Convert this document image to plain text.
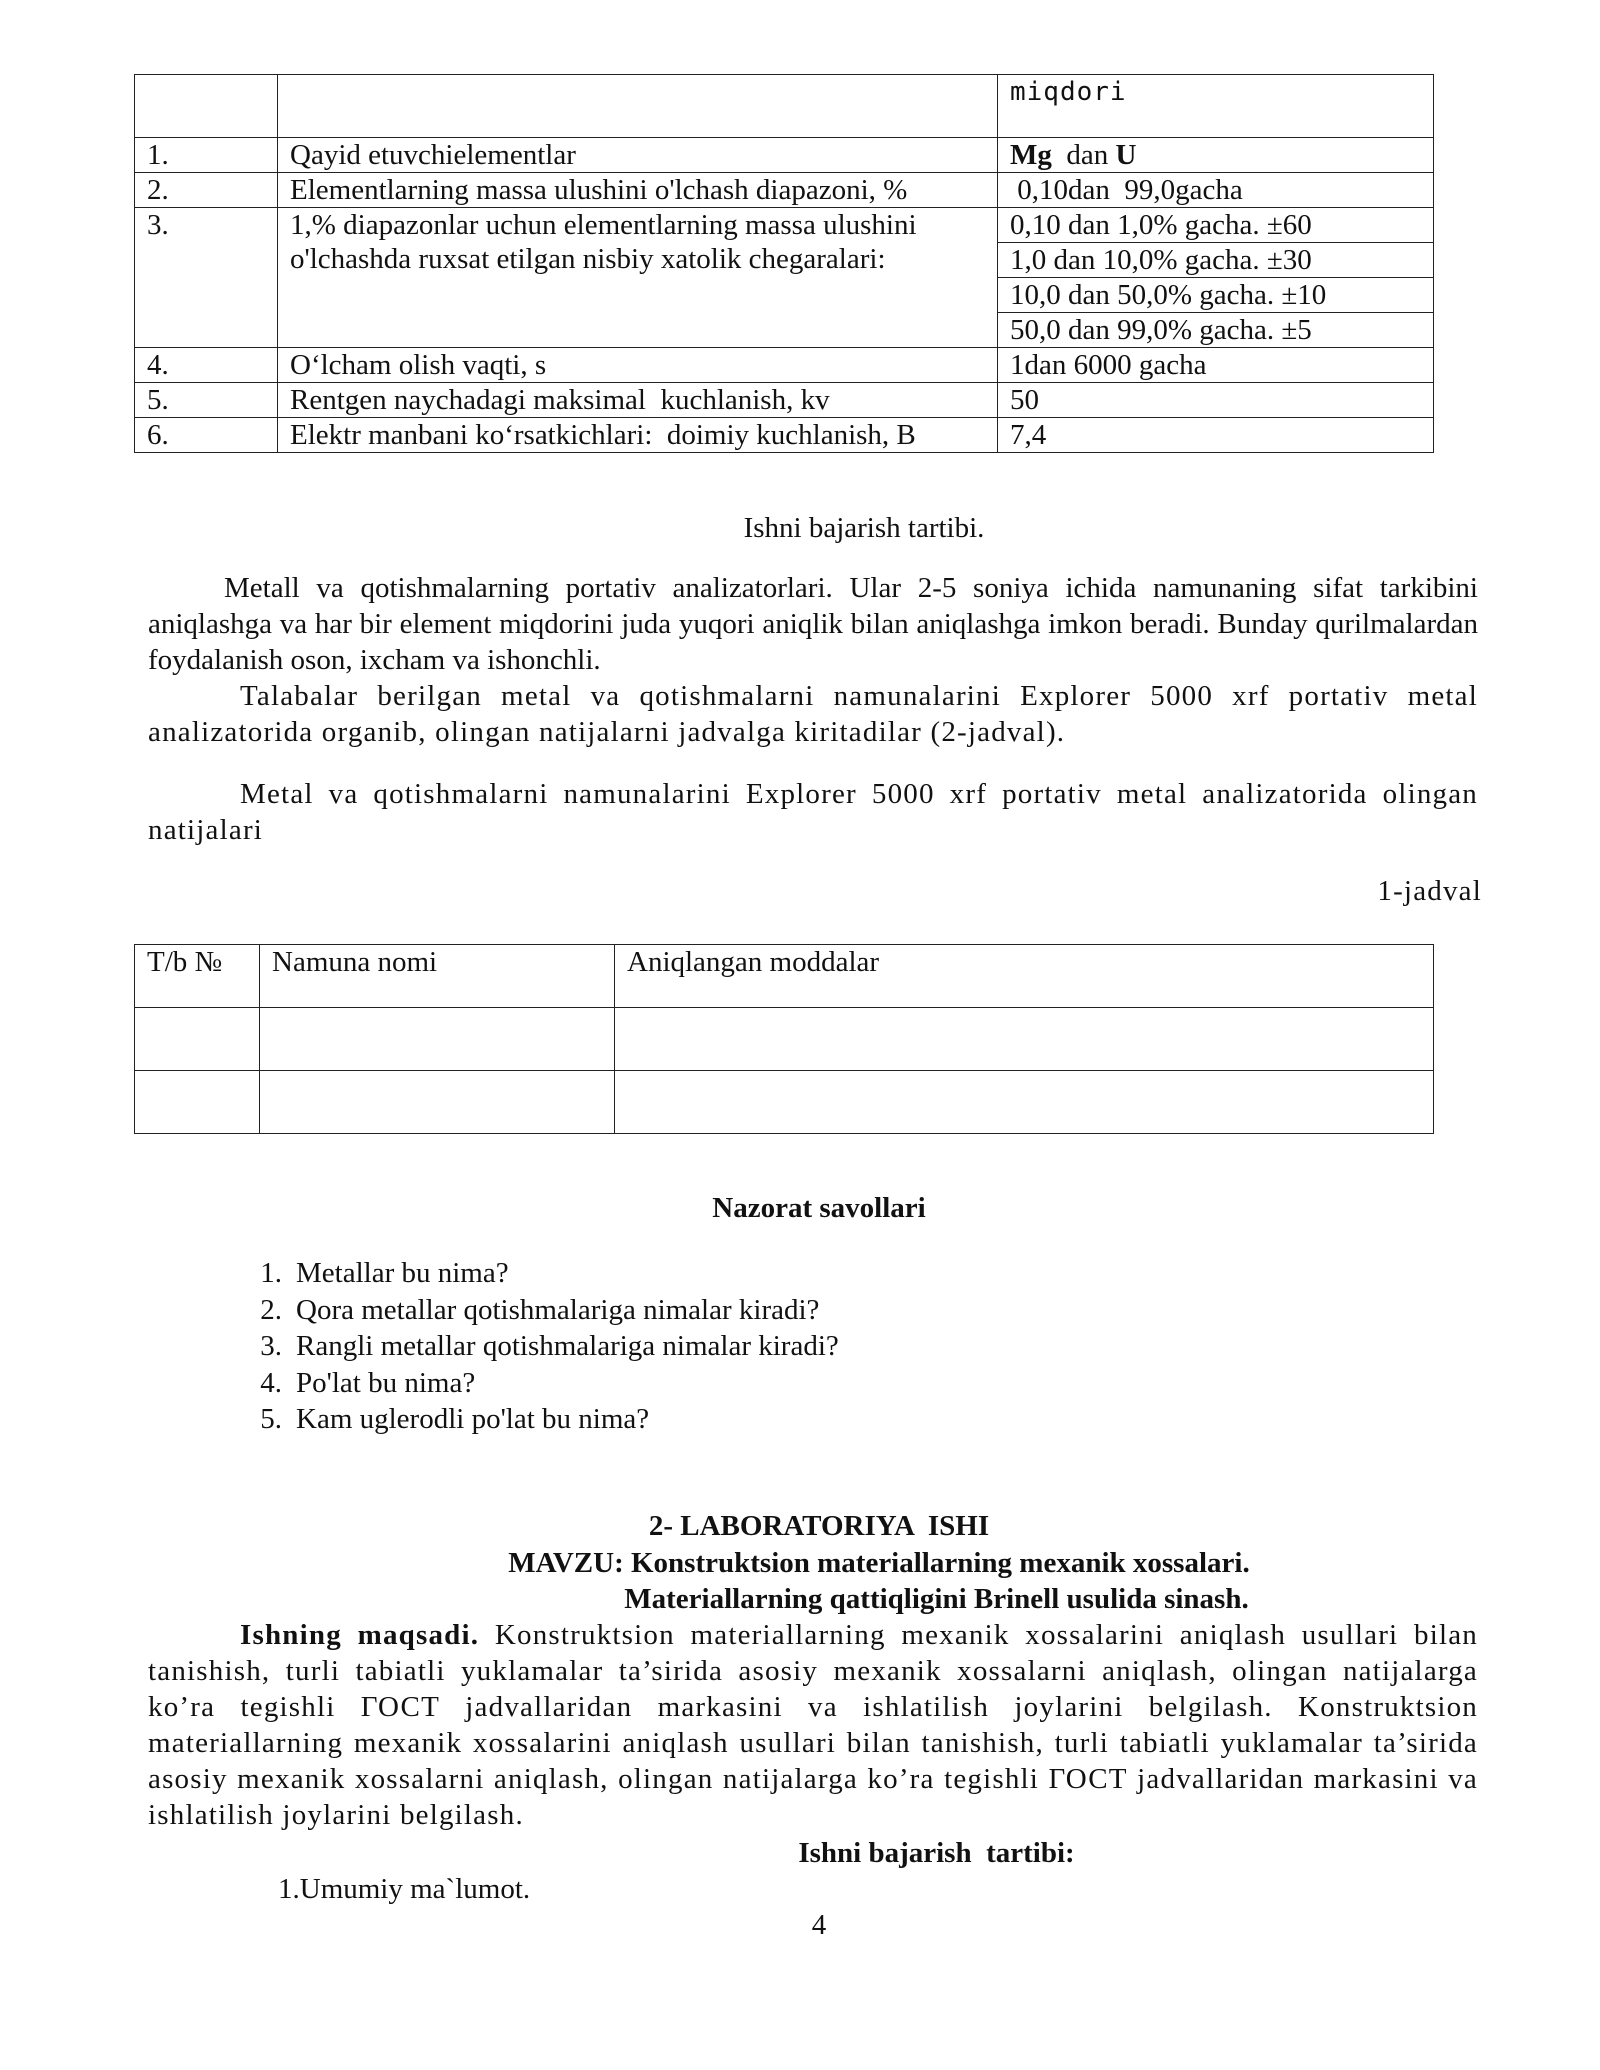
		miqdori
1.	Qayid etuvchielementlar	Mg  dan U
2.	Elementlarning massa ulushini o'lchash diapazoni, %	0,10dan  99,0gacha
3.	1,% diapazonlar uchun elementlarning massa ulushini o'lchashda ruxsat etilgan nisbiy xatolik chegaralari:	0,10 dan 1,0% gacha. ±60
		1,0 dan 10,0% gacha. ±30
		10,0 dan 50,0% gacha. ±10
		50,0 dan 99,0% gacha. ±5
4.	Oʻlcham olish vaqti, s	1dan 6000 gacha
5.	Rentgen naychadagi maksimal  kuchlanish, kv	50
6.	Elektr manbani koʻrsatkichlari:  doimiy kuchlanish, B	7,4
Ishni bajarish tartibi.
Metall va qotishmalarning portativ analizatorlari. Ular 2-5 soniya ichida namunaning sifat tarkibini aniqlashga va har bir element miqdorini juda yuqori aniqlik bilan aniqlashga imkon beradi. Bunday qurilmalardan foydalanish oson, ixcham va ishonchli.
Talabalar berilgan metal va qotishmalarni namunalarini Explorer 5000 xrf portativ metal analizatorida organib, olingan natijalarni jadvalga kiritadilar (2-jadval).
Metal va qotishmalarni namunalarini Explorer 5000 xrf portativ metal analizatorida olingan natijalari
1-jadval
T/b №	Namuna nomi	Aniqlangan moddalar

Nazorat savollari
1. Metallar bu nima?
2. Qora metallar qotishmalariga nimalar kiradi?
3. Rangli metallar qotishmalariga nimalar kiradi?
4. Po'lat bu nima?
5. Kam uglerodli po'lat bu nima?
2- LABORATORIYA  ISHI
MAVZU: Konstruktsion materiallarning mexanik xossalari.
Materiallarning qattiqligini Brinell usulida sinash.
Ishning maqsadi. Konstruktsion materiallarning mexanik xossalarini aniqlash usullari bilan tanishish, turli tabiatli yuklamalar ta’sirida asosiy mexanik xossalarni aniqlash, olingan natijalarga ko’ra tegishli ГОСТ jadvallaridan markasini va ishlatilish joylarini belgilash. Konstruktsion materiallarning mexanik xossalarini aniqlash usullari bilan tanishish, turli tabiatli yuklamalar ta’sirida asosiy mexanik xossalarni aniqlash, olingan natijalarga ko’ra tegishli ГОСТ jadvallaridan markasini va ishlatilish joylarini belgilash.
Ishni bajarish  tartibi:
1.Umumiy ma`lumot.
4
